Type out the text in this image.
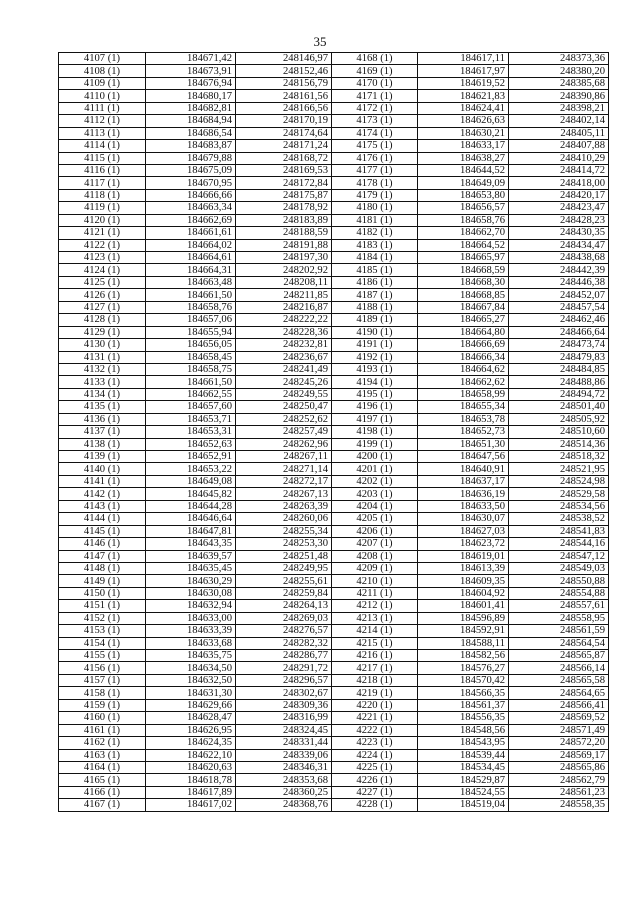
35
4107 (1)	184671,42	248146,97	4168 (1)	184617,11	248373,36
4108 (1)	184673,91	248152,46	4169 (1)	184617,97	248380,20
4109 (1)	184676,94	248156,79	4170 (1)	184619,52	248385,68
4110 (1)	184680,17	248161,56	4171 (1)	184621,83	248390,86
4111 (1)	184682,81	248166,56	4172 (1)	184624,41	248398,21
4112 (1)	184684,94	248170,19	4173 (1)	184626,63	248402,14
4113 (1)	184686,54	248174,64	4174 (1)	184630,21	248405,11
4114 (1)	184683,87	248171,24	4175 (1)	184633,17	248407,88
4115 (1)	184679,88	248168,72	4176 (1)	184638,27	248410,29
4116 (1)	184675,09	248169,53	4177 (1)	184644,52	248414,72
4117 (1)	184670,95	248172,84	4178 (1)	184649,09	248418,00
4118 (1)	184666,66	248175,87	4179 (1)	184653,80	248420,17
4119 (1)	184663,34	248178,92	4180 (1)	184656,57	248423,47
4120 (1)	184662,69	248183,89	4181 (1)	184658,76	248428,23
4121 (1)	184661,61	248188,59	4182 (1)	184662,70	248430,35
4122 (1)	184664,02	248191,88	4183 (1)	184664,52	248434,47
4123 (1)	184664,61	248197,30	4184 (1)	184665,97	248438,68
4124 (1)	184664,31	248202,92	4185 (1)	184668,59	248442,39
4125 (1)	184663,48	248208,11	4186 (1)	184668,30	248446,38
4126 (1)	184661,50	248211,85	4187 (1)	184668,85	248452,07
4127 (1)	184658,76	248216,87	4188 (1)	184667,84	248457,54
4128 (1)	184657,06	248222,22	4189 (1)	184665,27	248462,46
4129 (1)	184655,94	248228,36	4190 (1)	184664,80	248466,64
4130 (1)	184656,05	248232,81	4191 (1)	184666,69	248473,74
4131 (1)	184658,45	248236,67	4192 (1)	184666,34	248479,83
4132 (1)	184658,75	248241,49	4193 (1)	184664,62	248484,85
4133 (1)	184661,50	248245,26	4194 (1)	184662,62	248488,86
4134 (1)	184662,55	248249,55	4195 (1)	184658,99	248494,72
4135 (1)	184657,60	248250,47	4196 (1)	184655,34	248501,40
4136 (1)	184653,71	248252,62	4197 (1)	184653,78	248505,92
4137 (1)	184653,31	248257,49	4198 (1)	184652,73	248510,60
4138 (1)	184652,63	248262,96	4199 (1)	184651,30	248514,36
4139 (1)	184652,91	248267,11	4200 (1)	184647,56	248518,32
4140 (1)	184653,22	248271,14	4201 (1)	184640,91	248521,95
4141 (1)	184649,08	248272,17	4202 (1)	184637,17	248524,98
4142 (1)	184645,82	248267,13	4203 (1)	184636,19	248529,58
4143 (1)	184644,28	248263,39	4204 (1)	184633,50	248534,56
4144 (1)	184646,64	248260,06	4205 (1)	184630,07	248538,52
4145 (1)	184647,81	248255,34	4206 (1)	184627,03	248541,83
4146 (1)	184643,35	248253,30	4207 (1)	184623,72	248544,16
4147 (1)	184639,57	248251,48	4208 (1)	184619,01	248547,12
4148 (1)	184635,45	248249,95	4209 (1)	184613,39	248549,03
4149 (1)	184630,29	248255,61	4210 (1)	184609,35	248550,88
4150 (1)	184630,08	248259,84	4211 (1)	184604,92	248554,88
4151 (1)	184632,94	248264,13	4212 (1)	184601,41	248557,61
4152 (1)	184633,00	248269,03	4213 (1)	184596,89	248558,95
4153 (1)	184633,39	248276,57	4214 (1)	184592,91	248561,59
4154 (1)	184633,68	248282,32	4215 (1)	184588,11	248564,54
4155 (1)	184635,75	248286,77	4216 (1)	184582,56	248565,87
4156 (1)	184634,50	248291,72	4217 (1)	184576,27	248566,14
4157 (1)	184632,50	248296,57	4218 (1)	184570,42	248565,58
4158 (1)	184631,30	248302,67	4219 (1)	184566,35	248564,65
4159 (1)	184629,66	248309,36	4220 (1)	184561,37	248566,41
4160 (1)	184628,47	248316,99	4221 (1)	184556,35	248569,52
4161 (1)	184626,95	248324,45	4222 (1)	184548,56	248571,49
4162 (1)	184624,35	248331,44	4223 (1)	184543,95	248572,20
4163 (1)	184622,10	248339,06	4224 (1)	184539,44	248569,17
4164 (1)	184620,63	248346,31	4225 (1)	184534,45	248565,86
4165 (1)	184618,78	248353,68	4226 (1)	184529,87	248562,79
4166 (1)	184617,89	248360,25	4227 (1)	184524,55	248561,23
4167 (1)	184617,02	248368,76	4228 (1)	184519,04	248558,35
